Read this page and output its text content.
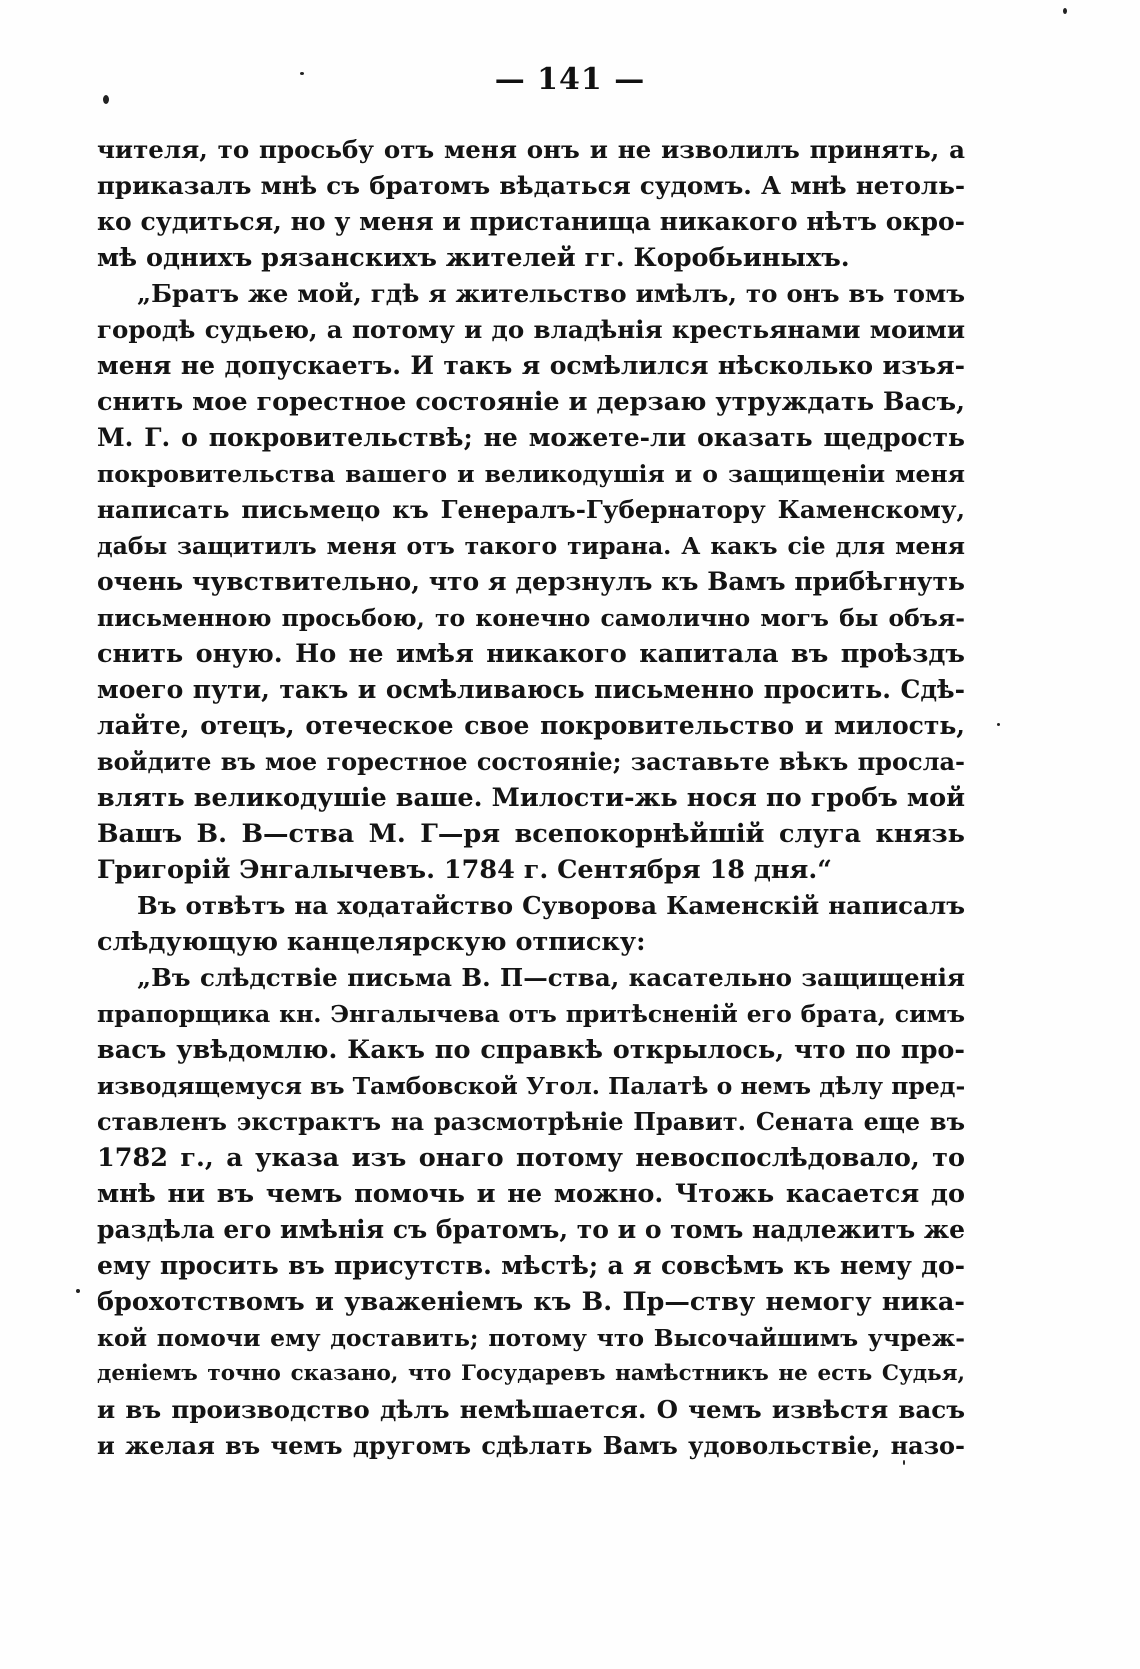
— 141 —
чителя, то просьбу отъ меня онъ и не изволилъ принять, а
приказалъ мнѣ съ братомъ вѣдаться судомъ. А мнѣ нетоль-
ко судиться, но у меня и пристанища никакого нѣтъ окро-
мѣ однихъ рязанскихъ жителей гг. Коробьиныхъ.
„Братъ же мой, гдѣ я жительство имѣлъ, то онъ въ томъ
городѣ судьею, а потому и до владѣнія крестьянами моими
меня не допускаетъ. И такъ я осмѣлился нѣсколько изъя-
снить мое горестное состояніе и дерзаю утруждать Васъ,
М. Г. о покровительствѣ; не можете-ли оказать щедрость
покровительства вашего и великодушія и о защищеніи меня
написать письмецо къ Генералъ-Губернатору Каменскому,
дабы защитилъ меня отъ такого тирана. А какъ сіе для меня
очень чувствительно, что я дерзнулъ къ Вамъ прибѣгнуть
письменною просьбою, то конечно самолично могъ бы объя-
снить оную. Но не имѣя никакого капитала въ проѣздъ
моего пути, такъ и осмѣливаюсь письменно просить. Сдѣ-
лайте, отецъ, отеческое свое покровительство и милость,
войдите въ мое горестное состояніе; заставьте вѣкъ просла-
влять великодушіе ваше. Милости-жь нося по гробъ мой
Вашъ В. В—ства М. Г—ря всепокорнѣйшій слуга князь
Григорій Энгалычевъ. 1784 г. Сентября 18 дня.“
Въ отвѣтъ на ходатайство Суворова Каменскій написалъ
слѣдующую канцелярскую отписку:
„Въ слѣдствіе письма В. П—ства, касательно защищенія
прапорщика кн. Энгалычева отъ притѣсненій его брата, симъ
васъ увѣдомлю. Какъ по справкѣ открылось, что по про-
изводящемуся въ Тамбовской Угол. Палатѣ о немъ дѣлу пред-
ставленъ экстрактъ на разсмотрѣніе Правит. Сената еще въ
1782 г., а указа изъ онаго потому невоспослѣдовало, то
мнѣ ни въ чемъ помочь и не можно. Чтожь касается до
раздѣла его имѣнія съ братомъ, то и о томъ надлежитъ же
ему просить въ присутств. мѣстѣ; а я совсѣмъ къ нему до-
брохотствомъ и уваженіемъ къ В. Пр—ству немогу ника-
кой помочи ему доставить; потому что Высочайшимъ учреж-
деніемъ точно сказано, что Государевъ намѣстникъ не есть Судья,
и въ производство дѣлъ немѣшается. О чемъ извѣстя васъ
и желая въ чемъ другомъ сдѣлать Вамъ удовольствіе, назо-
